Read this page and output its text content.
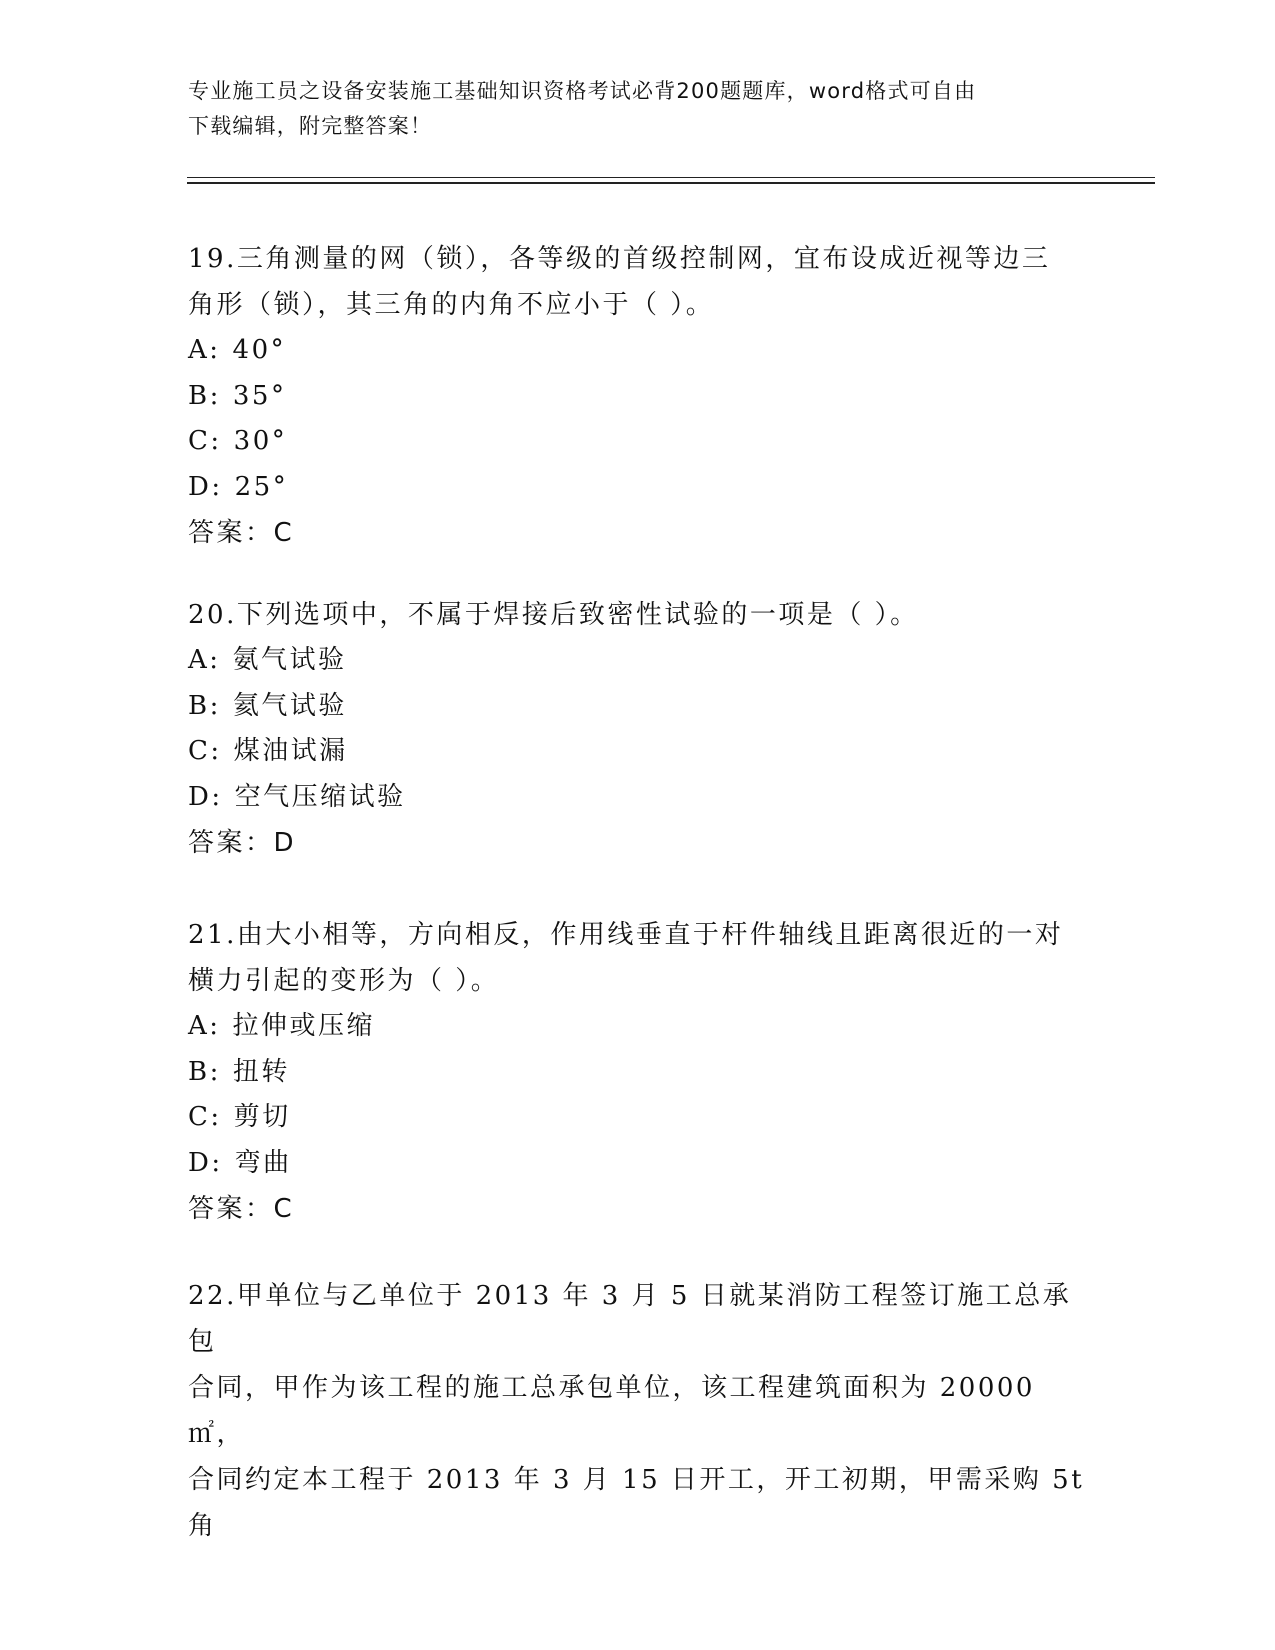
专业施工员之设备安装施工基础知识资格考试必背200题题库，word格式可自由
下载编辑，附完整答案！
19.三角测量的网（锁），各等级的首级控制网，宜布设成近视等边三
角形（锁），其三角的内角不应小于（ ）。
A: 40°
B: 35°
C: 30°
D: 25°
答案：C
20.下列选项中，不属于焊接后致密性试验的一项是（ ）。
A: 氨气试验
B: 氦气试验
C: 煤油试漏
D: 空气压缩试验
答案：D
21.由大小相等，方向相反，作用线垂直于杆件轴线且距离很近的一对
横力引起的变形为（ ）。
A: 拉伸或压缩
B: 扭转
C: 剪切
D: 弯曲
答案：C
22.甲单位与乙单位于 2013 年 3 月 5 日就某消防工程签订施工总承包
合同，甲作为该工程的施工总承包单位，该工程建筑面积为 20000㎡，
合同约定本工程于 2013 年 3 月 15 日开工，开工初期，甲需采购 5t 角
